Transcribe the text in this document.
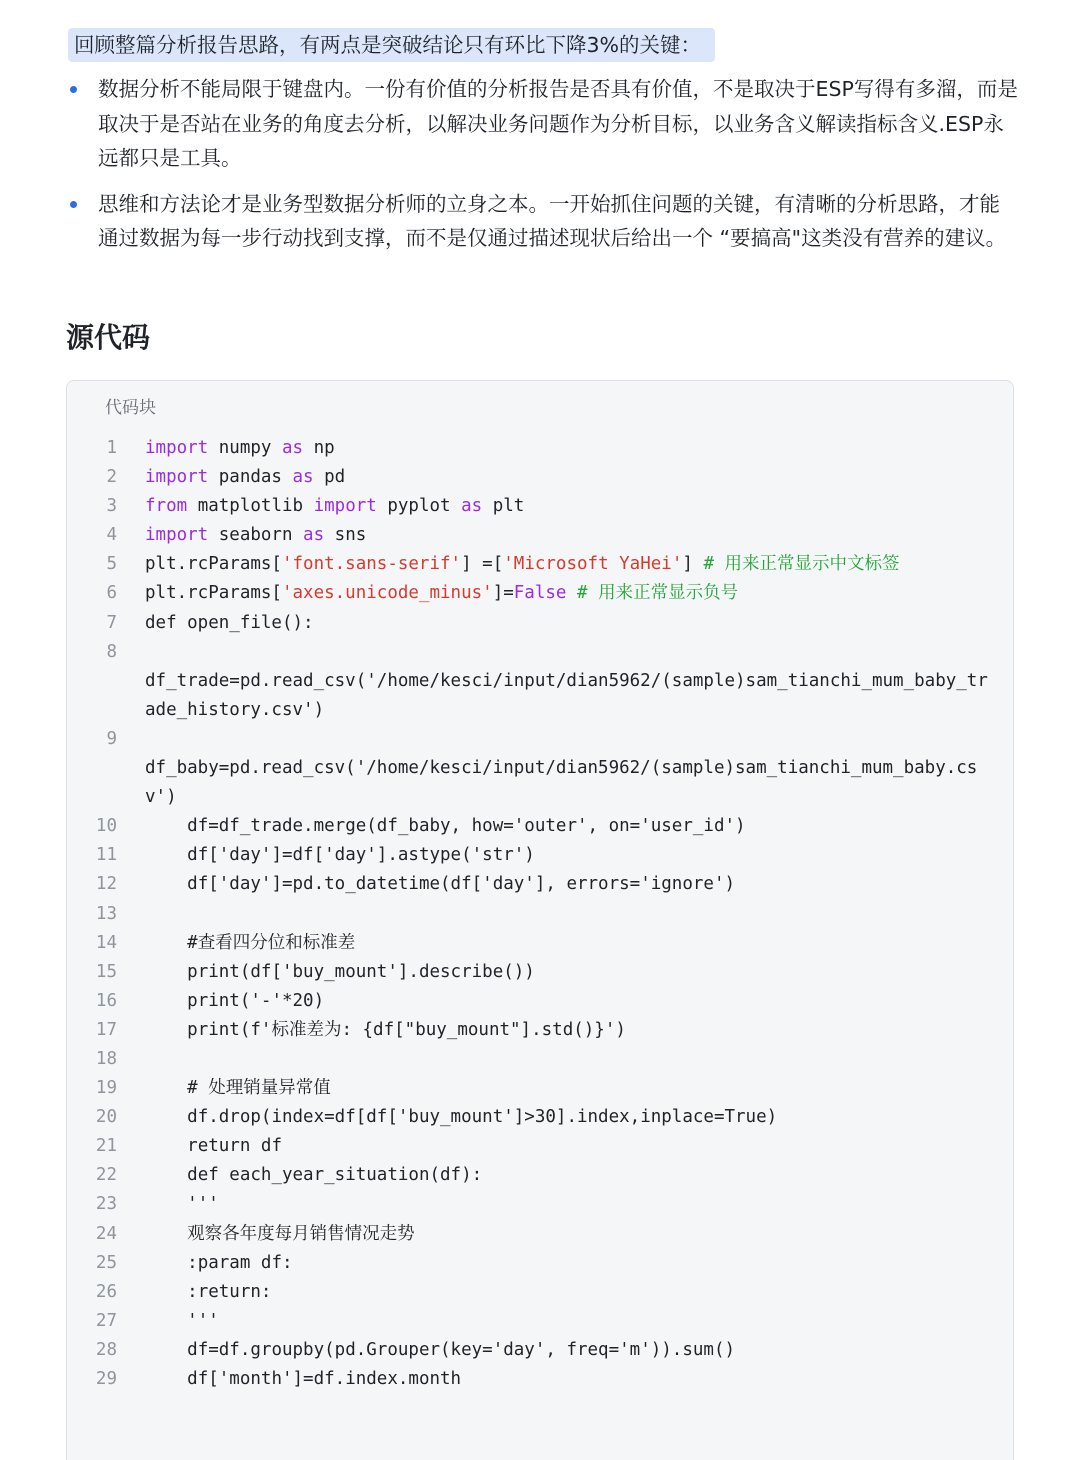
回顾整篇分析报告思路，有两点是突破结论只有环比下降3%的关键：
数据分析不能局限于键盘内。一份有价值的分析报告是否具有价值，不是取决于ESP写得有多溜，而是取决于是否站在业务的角度去分析，以解决业务问题作为分析目标，以业务含义解读指标含义.ESP永远都只是工具。
思维和方法论才是业务型数据分析师的立身之本。一开始抓住问题的关键，有清晰的分析思路，才能通过数据为每一步行动找到支撑，而不是仅通过描述现状后给出一个 “要搞高"这类没有营养的建议。
源代码
代码块
1	import numpy as np
2	import pandas as pd
3	from matplotlib import pyplot as plt
4	import seaborn as sns
5	plt.rcParams['font.sans-serif'] =['Microsoft YaHei'] # 用来正常显示中文标签
6	plt.rcParams['axes.unicode_minus']=False # 用来正常显示负号
7	def open_file():
8

df_trade=pd.read_csv('/home/kesci/input/dian5962/(sample)sam_tianchi_mum_baby_trade_history.csv')
9

df_baby=pd.read_csv('/home/kesci/input/dian5962/(sample)sam_tianchi_mum_baby.csv')
10	df=df_trade.merge(df_baby, how='outer', on='user_id')
11	df['day']=df['day'].astype('str')
12	df['day']=pd.to_datetime(df['day'], errors='ignore')
13

14	#查看四分位和标准差
15	print(df['buy_mount'].describe())
16	print('-'*20)
17	print(f'标准差为: {df["buy_mount"].std()}')
18

19	# 处理销量异常值
20	df.drop(index=df[df['buy_mount']>30].index,inplace=True)
21	return df
22	def each_year_situation(df):
23	'''
24	观察各年度每月销售情况走势
25	:param df:
26	:return:
27	'''
28	df=df.groupby(pd.Grouper(key='day', freq='m')).sum()
29	df['month']=df.index.month
